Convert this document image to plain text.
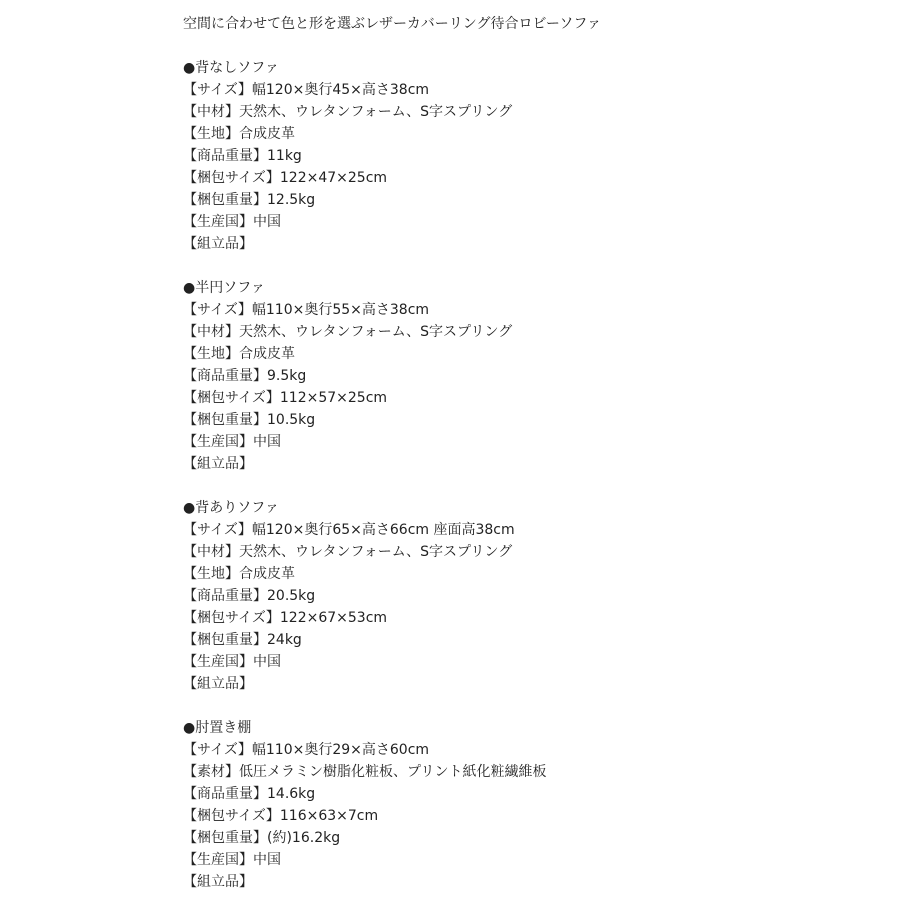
空間に合わせて色と形を選ぶレザーカバーリング待合ロビーソファ
●背なしソファ
【サイズ】幅120×奥行45×高さ38cm
【中材】天然木、ウレタンフォーム、S字スプリング
【生地】合成皮革
【商品重量】11kg
【梱包サイズ】122×47×25cm
【梱包重量】12.5kg
【生産国】中国
【組立品】
●半円ソファ
【サイズ】幅110×奥行55×高さ38cm
【中材】天然木、ウレタンフォーム、S字スプリング
【生地】合成皮革
【商品重量】9.5kg
【梱包サイズ】112×57×25cm
【梱包重量】10.5kg
【生産国】中国
【組立品】
●背ありソファ
【サイズ】幅120×奥行65×高さ66cm 座面高38cm
【中材】天然木、ウレタンフォーム、S字スプリング
【生地】合成皮革
【商品重量】20.5kg
【梱包サイズ】122×67×53cm
【梱包重量】24kg
【生産国】中国
【組立品】
●肘置き棚
【サイズ】幅110×奥行29×高さ60cm
【素材】低圧メラミン樹脂化粧板、プリント紙化粧繊維板
【商品重量】14.6kg
【梱包サイズ】116×63×7cm
【梱包重量】(約)16.2kg
【生産国】中国
【組立品】
